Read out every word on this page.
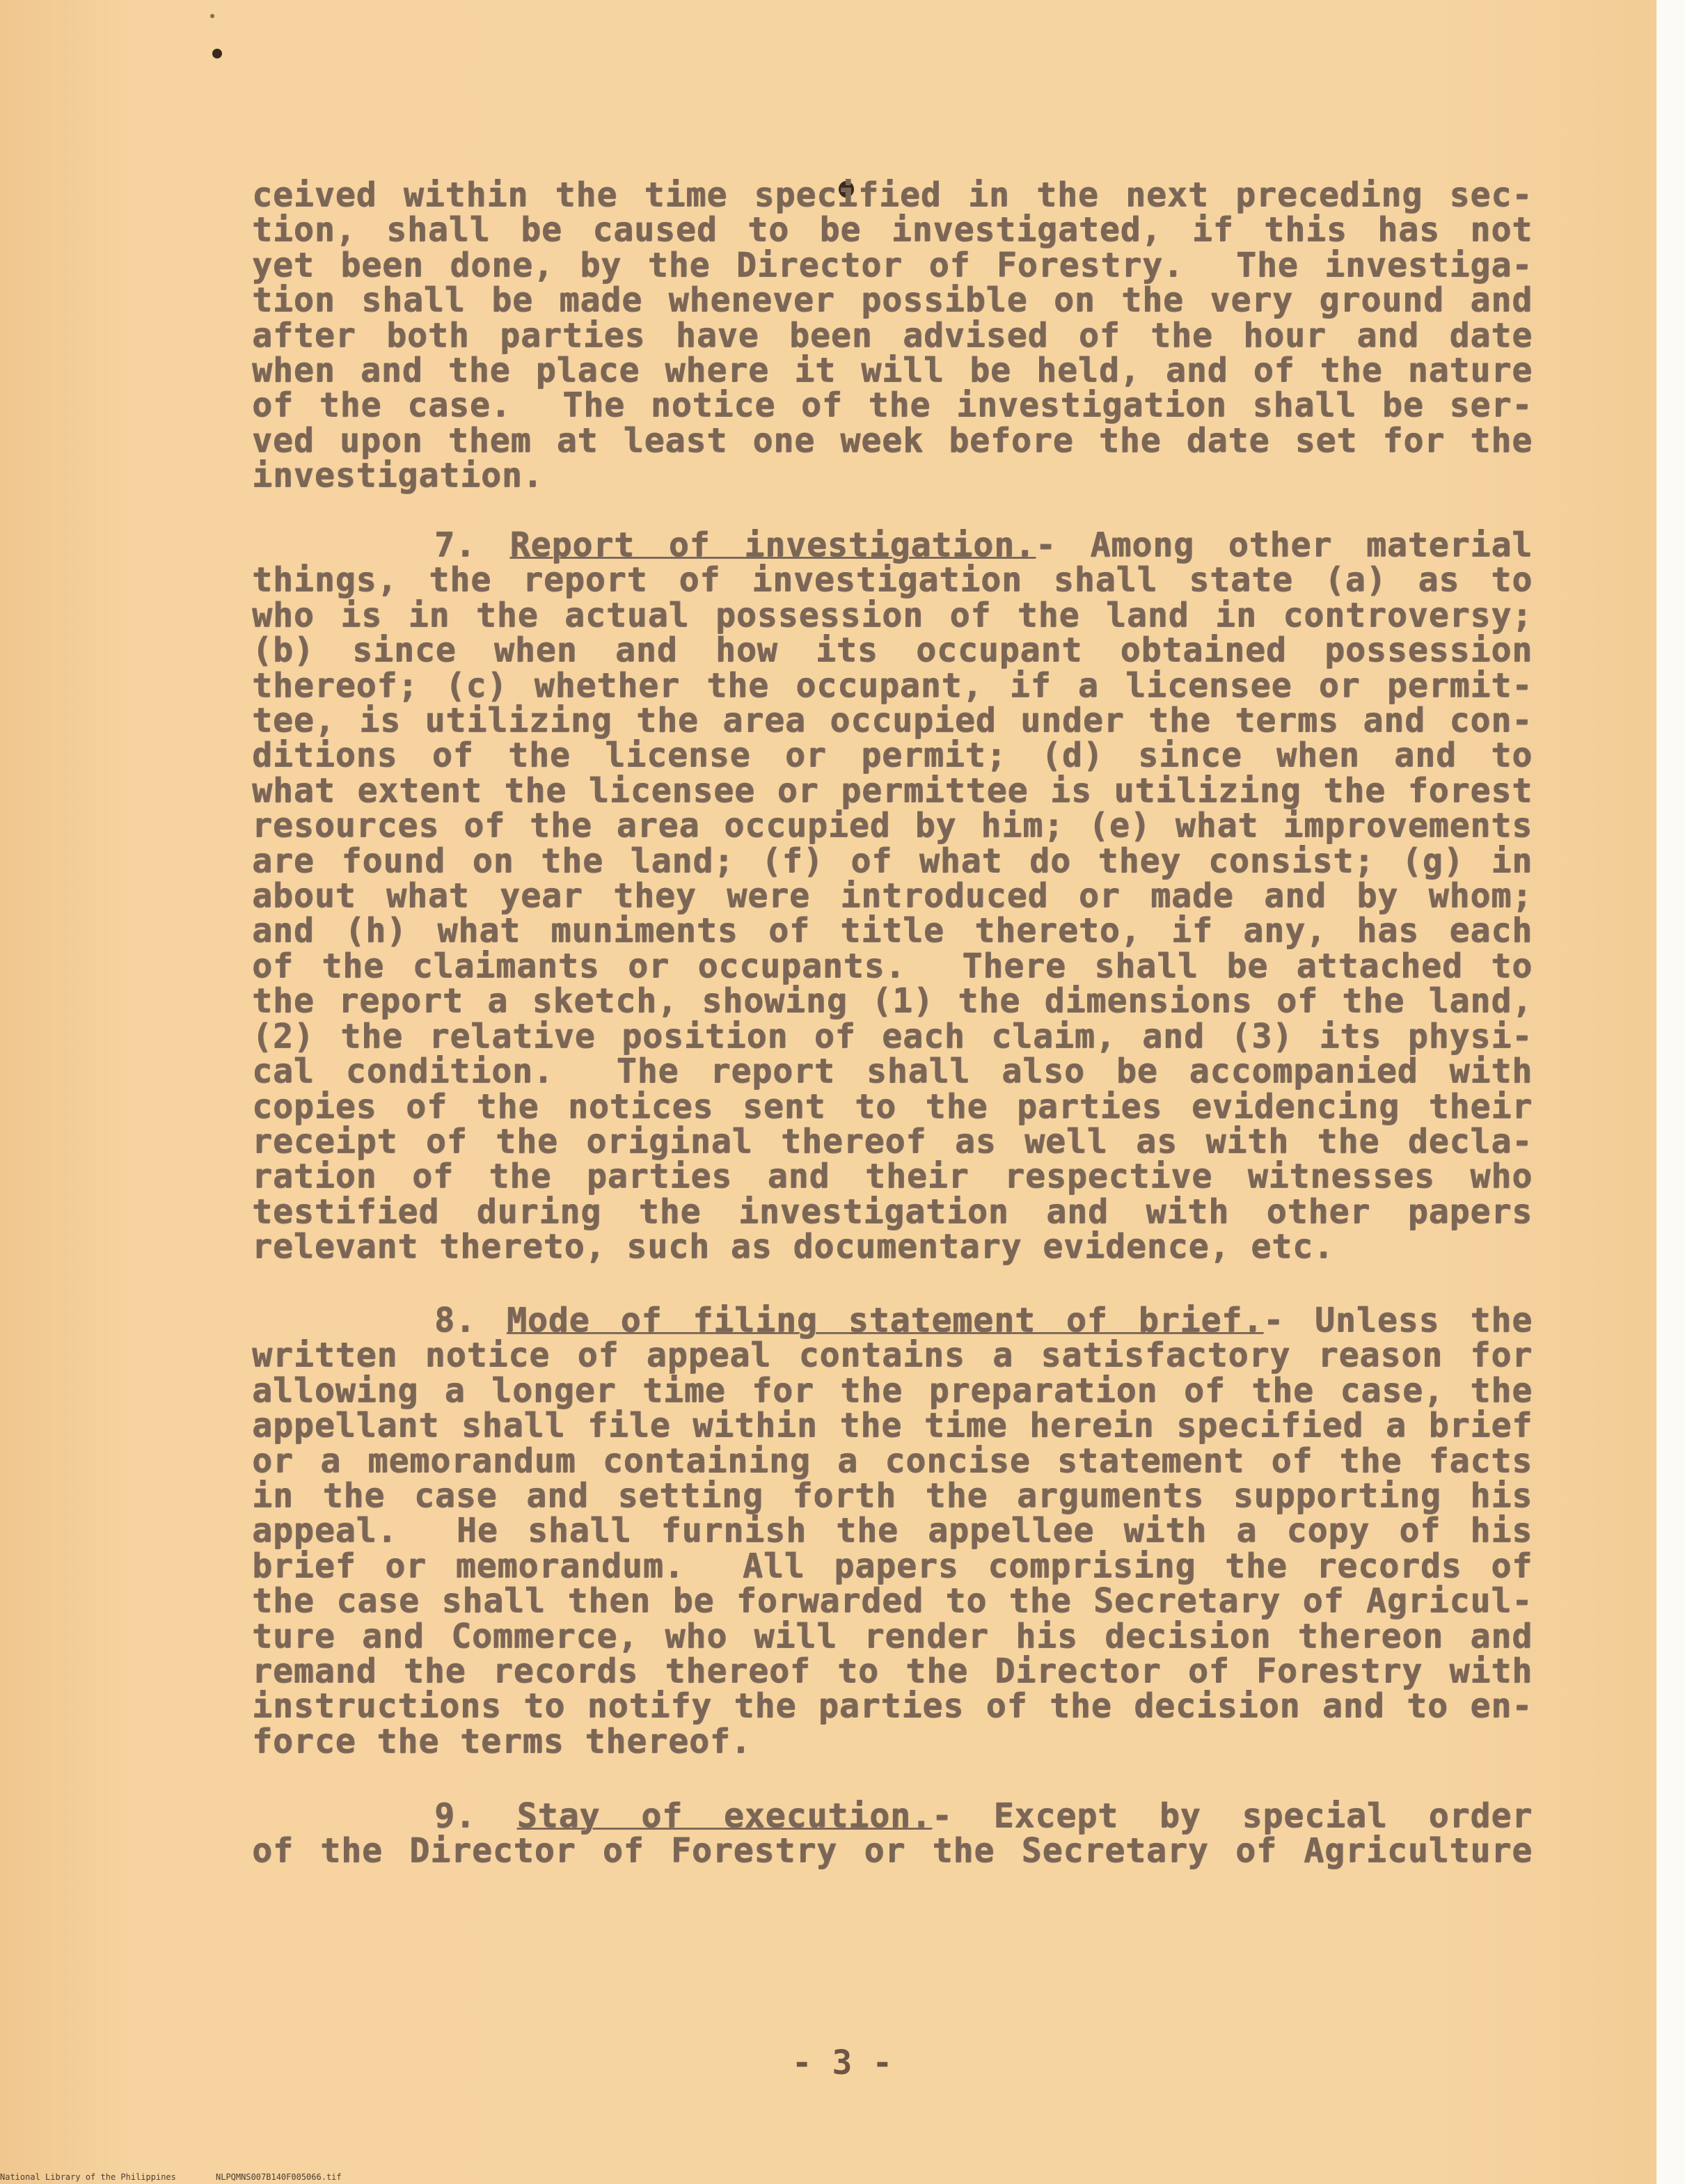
ceived within the time specified in the next preceding sec-
tion, shall be caused to be investigated, if this has not
yet been done, by the Director of Forestry.  The investiga-
tion shall be made whenever possible on the very ground and
after both parties have been advised of the hour and date
when and the place where it will be held, and of the nature
of the case.  The notice of the investigation shall be ser-
ved upon them at least one week before the date set for the
investigation.
7. Report of investigation.- Among other material
things, the report of investigation shall state (a) as to
who is in the actual possession of the land in controversy;
(b) since when and how its occupant obtained possession
thereof; (c) whether the occupant, if a licensee or permit-
tee, is utilizing the area occupied under the terms and con-
ditions of the license or permit; (d) since when and to
what extent the licensee or permittee is utilizing the forest
resources of the area occupied by him; (e) what improvements
are found on the land; (f) of what do they consist; (g) in
about what year they were introduced or made and by whom;
and (h) what muniments of title thereto, if any, has each
of the claimants or occupants.  There shall be attached to
the report a sketch, showing (1) the dimensions of the land,
(2) the relative position of each claim, and (3) its physi-
cal condition.  The report shall also be accompanied with
copies of the notices sent to the parties evidencing their
receipt of the original thereof as well as with the decla-
ration of the parties and their respective witnesses who
testified during the investigation and with other papers
relevant thereto, such as documentary evidence, etc.
8. Mode of filing statement of brief.- Unless the
written notice of appeal contains a satisfactory reason for
allowing a longer time for the preparation of the case, the
appellant shall file within the time herein specified a brief
or a memorandum containing a concise statement of the facts
in the case and setting forth the arguments supporting his
appeal.  He shall furnish the appellee with a copy of his
brief or memorandum.  All papers comprising the records of
the case shall then be forwarded to the Secretary of Agricul-
ture and Commerce, who will render his decision thereon and
remand the records thereof to the Director of Forestry with
instructions to notify the parties of the decision and to en-
force the terms thereof.
9. Stay of execution.- Except by special order
of the Director of Forestry or the Secretary of Agriculture
- 3 -
National Library of the Philippines	NLPQMNS007B140F005066.tif
